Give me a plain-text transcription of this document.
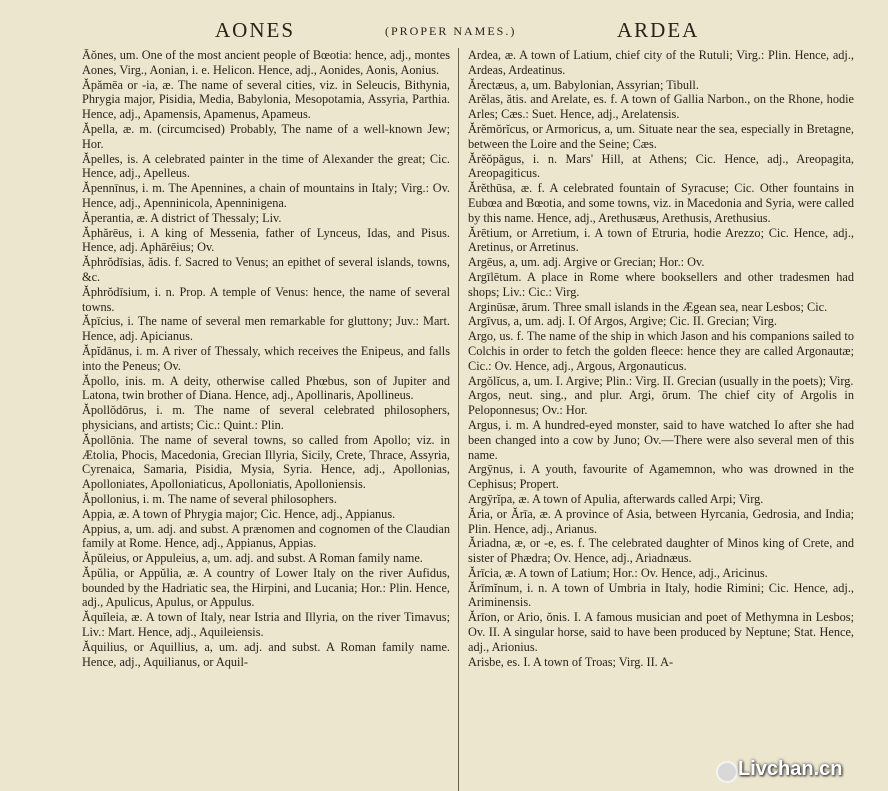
AONES	(PROPER NAMES.)	ARDEA

Āŏnes, um. One of the most ancient people of Bœotia: hence, adj., montes Aones, Virg., Aonian, i. e. Helicon. Hence, adj., Aonides, Aonis, Aonius.

Ăpămēa or -ia, æ. The name of several cities, viz. in Seleucis, Bithynia, Phrygia major, Pisidia, Media, Babylonia, Mesopotamia, Assyria, Parthia. Hence, adj., Apamensis, Apamenus, Apameus.

Ăpella, æ. m. (circumcised) Probably, The name of a well-known Jew; Hor.

Ăpelles, is. A celebrated painter in the time of Alexander the great; Cic. Hence, adj., Apelleus.

Ăpennīnus, i. m. The Apennines, a chain of mountains in Italy; Virg.: Ov. Hence, adj., Apenninicola, Apenninigena.

Ăperantia, æ. A district of Thessaly; Liv.

Ăphărēus, i. A king of Messenia, father of Lynceus, Idas, and Pisus. Hence, adj. Aphārēius; Ov.

Ăphrŏdīsias, ădis. f. Sacred to Venus; an epithet of several islands, towns, &c.

Ăphrŏdīsium, i. n. Prop. A temple of Venus: hence, the name of several towns.

Ăpīcius, i. The name of several men remarkable for gluttony; Juv.: Mart. Hence, adj. Apicianus.

Ăpĭdānus, i. m. A river of Thessaly, which receives the Enipeus, and falls into the Peneus; Ov.

Ăpollo, inis. m. A deity, otherwise called Phœbus, son of Jupiter and Latona, twin brother of Diana. Hence, adj., Apollinaris, Apollineus.

Ăpollŏdōrus, i. m. The name of several celebrated philosophers, physicians, and artists; Cic.: Quint.: Plin.

Ăpollōnia. The name of several towns, so called from Apollo; viz. in Ætolia, Phocis, Macedonia, Grecian Illyria, Sicily, Crete, Thrace, Assyria, Cyrenaica, Samaria, Pisidia, Mysia, Syria. Hence, adj., Apollonias, Apolloniates, Apolloniaticus, Apolloniatis, Apolloniensis.

Ăpollonius, i. m. The name of several philosophers.

Appia, æ. A town of Phrygia major; Cic. Hence, adj., Appianus.

Appius, a, um. adj. and subst. A prænomen and cognomen of the Claudian family at Rome. Hence, adj., Appianus, Appias.

Ăpŭleius, or Appuleius, a, um. adj. and subst. A Roman family name.

Ăpŭlia, or Appŭlia, æ. A country of Lower Italy on the river Aufidus, bounded by the Hadriatic sea, the Hirpini, and Lucania; Hor.: Plin. Hence, adj., Apulicus, Apulus, or Appulus.

Ăquĭleia, æ. A town of Italy, near Istria and Illyria, on the river Timavus; Liv.: Mart. Hence, adj., Aquileiensis.

Ăquilius, or Aquillius, a, um. adj. and subst. A Roman family name. Hence, adj., Aquilianus, or Aquil-

Ardea, æ. A town of Latium, chief city of the Rutuli; Virg.: Plin. Hence, adj., Ardeas, Ardeatinus.

Ărectæus, a, um. Babylonian, Assyrian; Tibull.

Arĕlas, ătis. and Arelate, es. f. A town of Gallia Narbon., on the Rhone, hodie Arles; Cæs.: Suet. Hence, adj., Arelatensis.

Ărĕmŏrĭcus, or Armoricus, a, um. Situate near the sea, especially in Bretagne, between the Loire and the Seine; Cæs.

Ărĕŏpăgus, i. n. Mars' Hill, at Athens; Cic. Hence, adj., Areopagita, Areopagiticus.

Ărĕthūsa, æ. f. A celebrated fountain of Syracuse; Cic. Other fountains in Eubœa and Bœotia, and some towns, viz. in Macedonia and Syria, were called by this name. Hence, adj., Arethusæus, Arethusis, Arethusius.

Ărētium, or Arretium, i. A town of Etruria, hodie Arezzo; Cic. Hence, adj., Aretinus, or Arretinus.

Argēus, a, um. adj. Argive or Grecian; Hor.: Ov.

Argīlētum. A place in Rome where booksellers and other tradesmen had shops; Liv.: Cic.: Virg.

Arginūsæ, ārum. Three small islands in the Ægean sea, near Lesbos; Cic.

Argīvus, a, um. adj. I. Of Argos, Argive; Cic. II. Grecian; Virg.

Argo, us. f. The name of the ship in which Jason and his companions sailed to Colchis in order to fetch the golden fleece: hence they are called Argonautæ; Cic.: Ov. Hence, adj., Argous, Argonauticus.

Argŏlĭcus, a, um. I. Argive; Plin.: Virg. II. Grecian (usually in the poets); Virg.

Argos, neut. sing., and plur. Argi, ōrum. The chief city of Argolis in Peloponnesus; Ov.: Hor.

Argus, i. m. A hundred-eyed monster, said to have watched Io after she had been changed into a cow by Juno; Ov.—There were also several men of this name.

Argȳnus, i. A youth, favourite of Agamemnon, who was drowned in the Cephisus; Propert.

Argȳrĭpa, æ. A town of Apulia, afterwards called Arpi; Virg.

Ăria, or Ărīa, æ. A province of Asia, between Hyrcania, Gedrosia, and India; Plin. Hence, adj., Arianus.

Ăriadna, æ, or -e, es. f. The celebrated daughter of Minos king of Crete, and sister of Phædra; Ov. Hence, adj., Ariadnæus.

Ărīcia, æ. A town of Latium; Hor.: Ov. Hence, adj., Aricinus.

Ărīmĭnum, i. n. A town of Umbria in Italy, hodie Rimini; Cic. Hence, adj., Ariminensis.

Ărīon, or Ario, ŏnis. I. A famous musician and poet of Methymna in Lesbos; Ov. II. A singular horse, said to have been produced by Neptune; Stat. Hence, adj., Arionius.

Arisbe, es. I. A town of Troas; Virg. II. A-

Livchan.cn
